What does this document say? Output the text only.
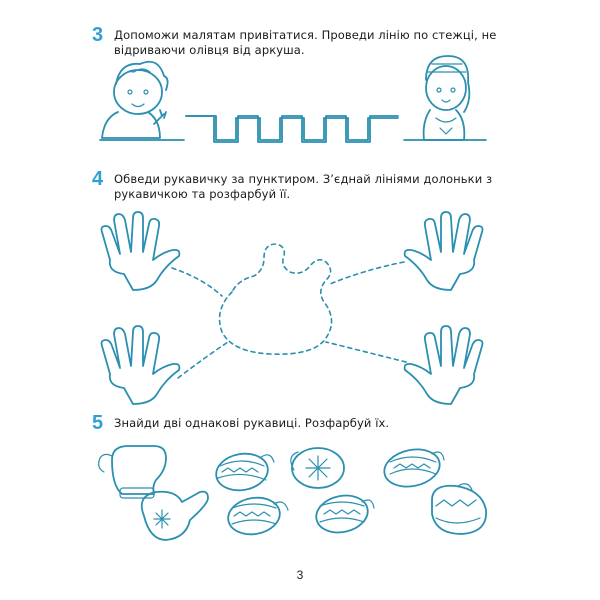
3 Допоможи малятам привітатися. Проведи лінію по стежці, не відриваючи олівця від аркуша.
4 Обведи рукавичку за пунктиром. З’єднай лініями долоньки з рукавичкою та розфарбуй її.
5 Знайди дві однакові рукавиці. Розфарбуй їх.
3
